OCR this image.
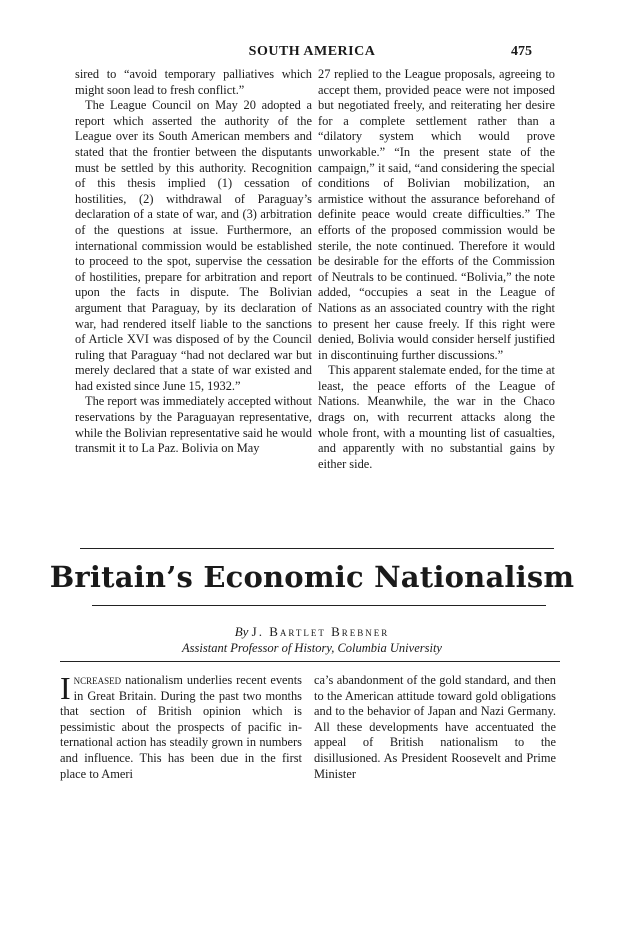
SOUTH AMERICA	475

sired to “avoid temporary palliatives which might soon lead to fresh conflict.”

The League Council on May 20 adopted a report which asserted the authority of the League over its South American members and stated that the frontier between the disputants must be settled by this authority. Recognition of this thesis implied (1) cessation of hostilities, (2) withdrawal of Paraguay’s declaration of a state of war, and (3) arbitration of the questions at issue. Furthermore, an international commission would be established to proceed to the spot, supervise the cessation of hostilities, prepare for arbitration and report upon the facts in dispute. The Bolivian argument that Paraguay, by its declaration of war, had rendered itself liable to the sanctions of Article XVI was disposed of by the Council ruling that Paraguay “had not declared war but merely declared that a state of war existed and had existed since June 15, 1932.”

The report was immediately accepted without reservations by the Paraguayan representative, while the Bolivian representative said he would transmit it to La Paz. Bolivia on May

27 replied to the League proposals, agreeing to accept them, provided peace were not imposed but negotiated freely, and reiterating her desire for a complete settlement rather than a “dilatory system which would prove unworkable.” “In the present state of the campaign,” it said, “and considering the special conditions of Bolivian mobilization, an armistice without the assurance beforehand of definite peace would create difficulties.” The efforts of the proposed commission would be sterile, the note continued. Therefore it would be desirable for the efforts of the Commission of Neutrals to be continued. “Bolivia,” the note added, “occupies a seat in the League of Nations as an associated country with the right to present her cause freely. If this right were denied, Bolivia would consider herself justified in discontinuing further discussions.”

This apparent stalemate ended, for the time at least, the peace efforts of the League of Nations. Meanwhile, the war in the Chaco drags on, with recurrent attacks along the whole front, with a mounting list of casualties, and apparently with no substantial gains by either side.

Britain’s Economic Nationalism
By J. Bartlet Brebner
Assistant Professor of History, Columbia University

Increased nationalism underlies recent events in Great Britain. During the past two months that section of British opinion which is pessimistic about the prospects of pacific international action has steadily grown in numbers and influence. This has been due in the first place to Ameri

ca’s abandonment of the gold standard, and then to the American attitude toward gold obligations and to the behavior of Japan and Nazi Germany. All these developments have accentuated the appeal of British nationalism to the disillusioned. As President Roosevelt and Prime Minister
